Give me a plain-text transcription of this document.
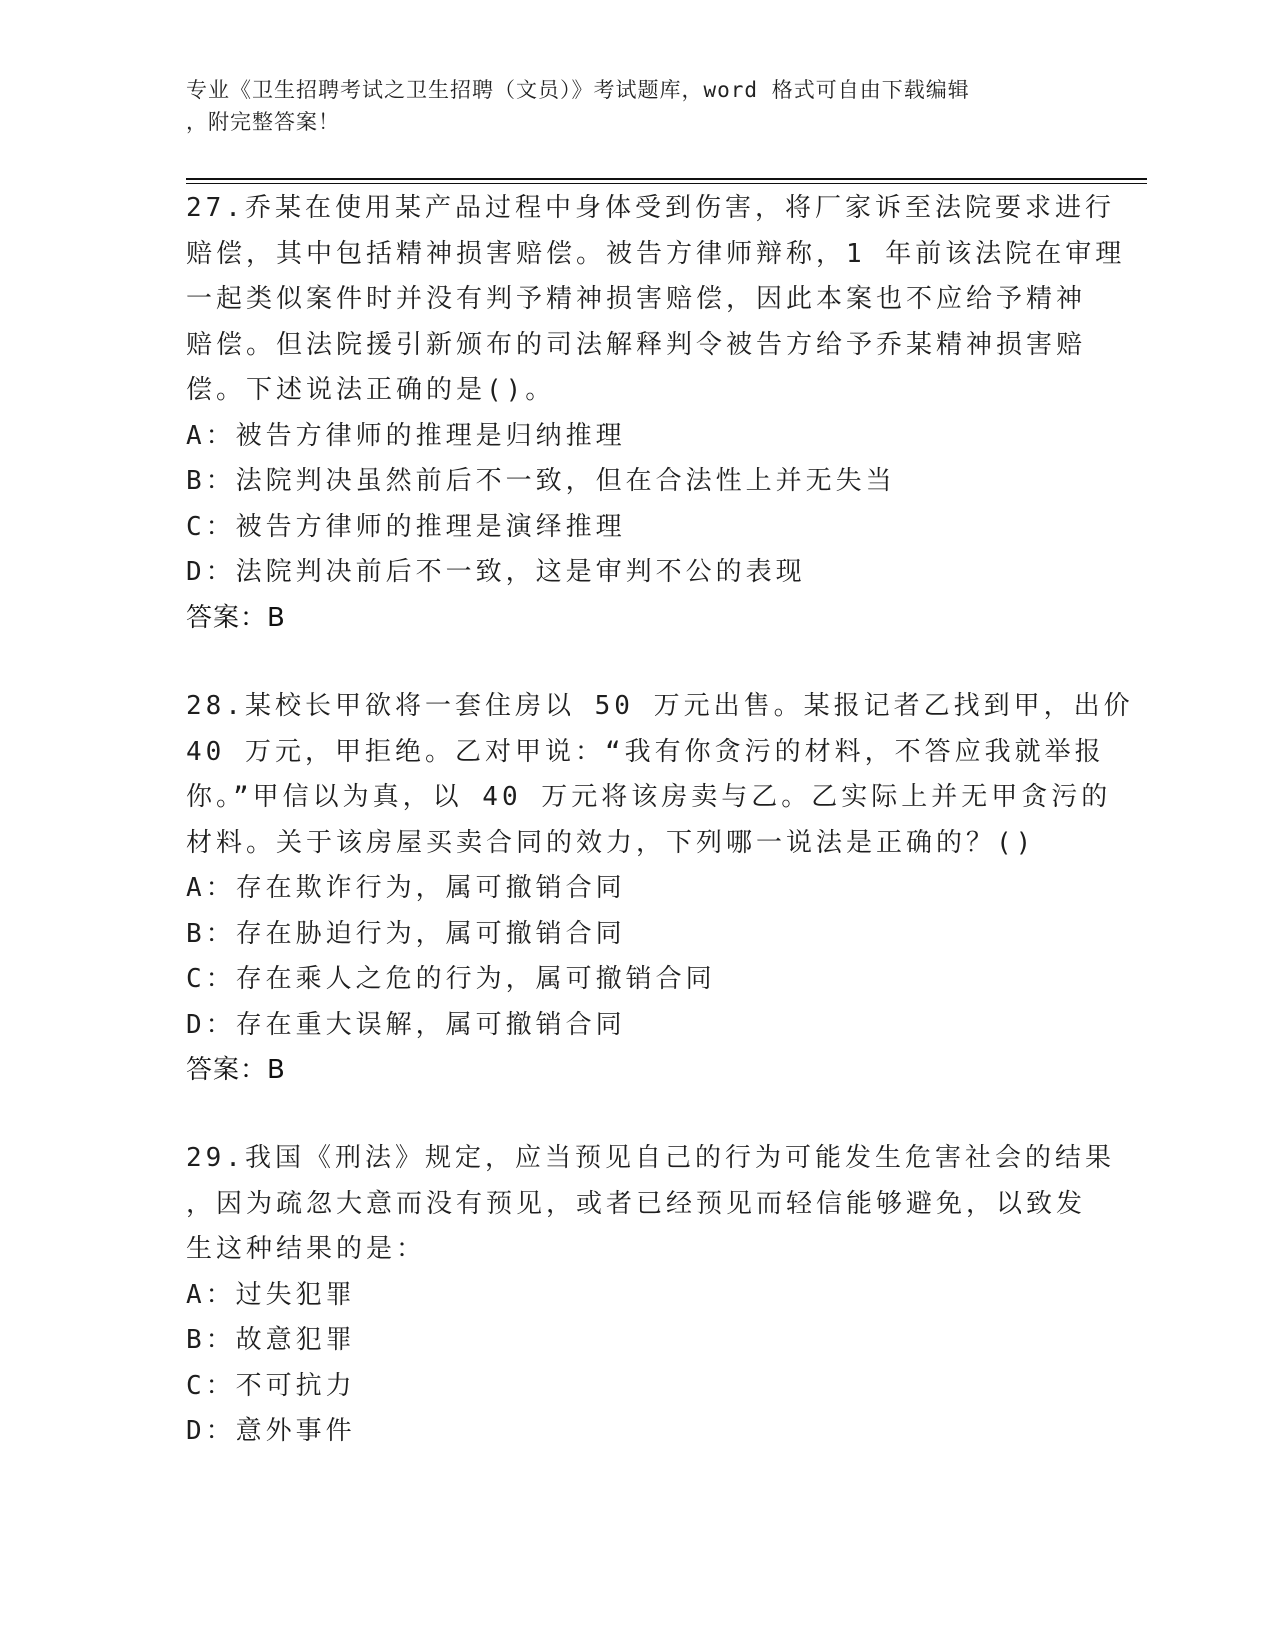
专业《卫生招聘考试之卫生招聘（文员）》考试题库，word 格式可自由下载编辑
，附完整答案！
27.乔某在使用某产品过程中身体受到伤害，将厂家诉至法院要求进行
赔偿，其中包括精神损害赔偿。被告方律师辩称，1 年前该法院在审理
一起类似案件时并没有判予精神损害赔偿，因此本案也不应给予精神
赔偿。但法院援引新颁布的司法解释判令被告方给予乔某精神损害赔
偿。下述说法正确的是()。
A：被告方律师的推理是归纳推理
B：法院判决虽然前后不一致，但在合法性上并无失当
C：被告方律师的推理是演绎推理
D：法院判决前后不一致，这是审判不公的表现
答案：B
28.某校长甲欲将一套住房以 50 万元出售。某报记者乙找到甲，出价
40 万元，甲拒绝。乙对甲说：“我有你贪污的材料，不答应我就举报
你。”甲信以为真，以 40 万元将该房卖与乙。乙实际上并无甲贪污的
材料。关于该房屋买卖合同的效力，下列哪一说法是正确的？()
A：存在欺诈行为，属可撤销合同
B：存在胁迫行为，属可撤销合同
C：存在乘人之危的行为，属可撤销合同
D：存在重大误解，属可撤销合同
答案：B
29.我国《刑法》规定，应当预见自己的行为可能发生危害社会的结果
，因为疏忽大意而没有预见，或者已经预见而轻信能够避免，以致发
生这种结果的是：
A：过失犯罪
B：故意犯罪
C：不可抗力
D：意外事件
